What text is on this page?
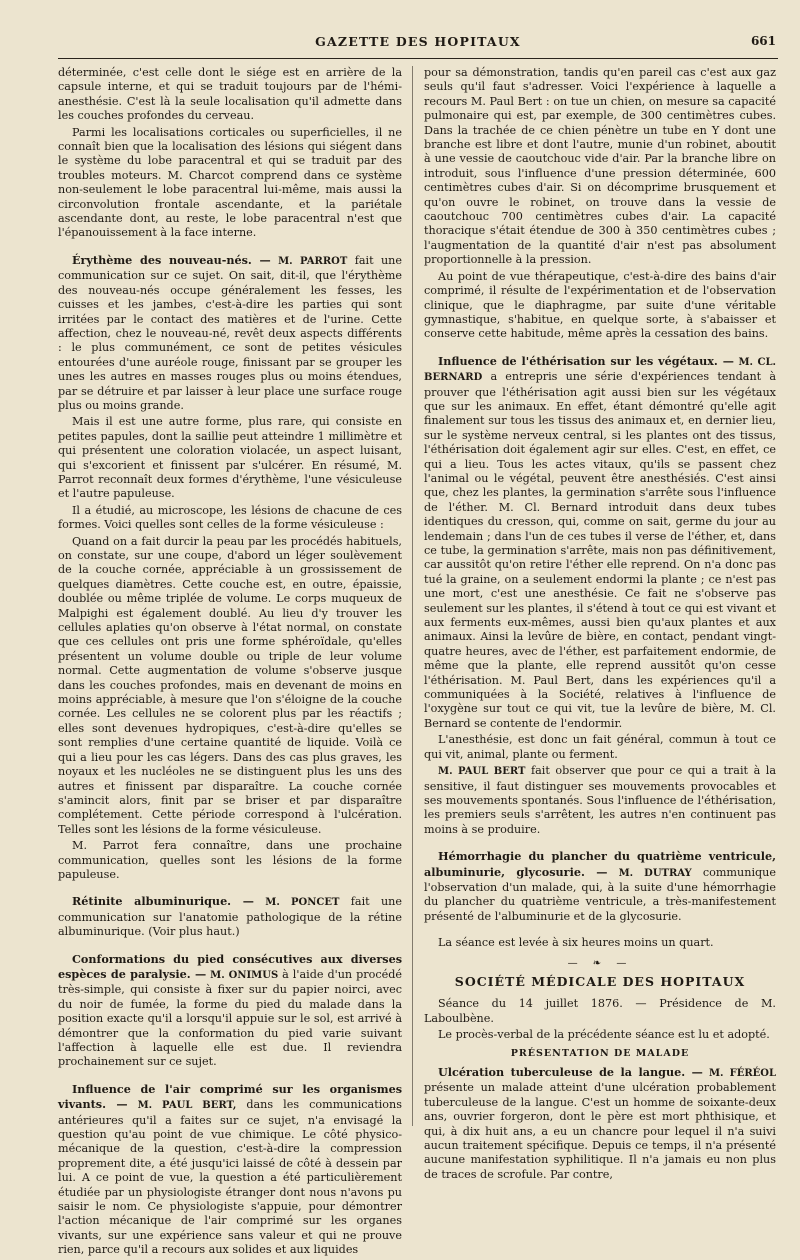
GAZETTE DES HOPITAUX	661

déterminée, c'est celle dont le siége est en arrière de la capsule interne, et qui se traduit toujours par de l'hémi-anesthésie. C'est là la seule localisation qu'il admette dans les couches profondes du cerveau.

Parmi les localisations corticales ou superficielles, il ne connaît bien que la localisation des lésions qui siégent dans le système du lobe paracentral et qui se traduit par des troubles moteurs. M. Charcot comprend dans ce système non-seulement le lobe paracentral lui-même, mais aussi la circonvolution frontale ascendante, et la pariétale ascendante dont, au reste, le lobe paracentral n'est que l'épanouissement à la face interne.

Érythème des nouveau-nés. — M. PARROT fait une communication sur ce sujet. On sait, dit-il, que l'érythème des nouveau-nés occupe généralement les fesses, les cuisses et les jambes, c'est-à-dire les parties qui sont irritées par le contact des matières et de l'urine. Cette affection, chez le nouveau-né, revêt deux aspects différents : le plus communément, ce sont de petites vésicules entourées d'une auréole rouge, finissant par se grouper les unes les autres en masses rouges plus ou moins étendues, par se détruire et par laisser à leur place une surface rouge plus ou moins grande.

Mais il est une autre forme, plus rare, qui consiste en petites papules, dont la saillie peut atteindre 1 millimètre et qui présentent une coloration violacée, un aspect luisant, qui s'excorient et finissent par s'ulcérer. En résumé, M. Parrot reconnaît deux formes d'érythème, l'une vésiculeuse et l'autre papuleuse.

Il a étudié, au microscope, les lésions de chacune de ces formes. Voici quelles sont celles de la forme vésiculeuse :

Quand on a fait durcir la peau par les procédés habituels, on constate, sur une coupe, d'abord un léger soulèvement de la couche cornée, appréciable à un grossissement de quelques diamètres. Cette couche est, en outre, épaissie, doublée ou même triplée de volume. Le corps muqueux de Malpighi est également doublé. Au lieu d'y trouver les cellules aplaties qu'on observe à l'état normal, on constate que ces cellules ont pris une forme sphéroïdale, qu'elles présentent un volume double ou triple de leur volume normal. Cette augmentation de volume s'observe jusque dans les couches profondes, mais en devenant de moins en moins appréciable, à mesure que l'on s'éloigne de la couche cornée. Les cellules ne se colorent plus par les réactifs ; elles sont devenues hydropiques, c'est-à-dire qu'elles se sont remplies d'une certaine quantité de liquide. Voilà ce qui a lieu pour les cas légers. Dans des cas plus graves, les noyaux et les nucléoles ne se distinguent plus les uns des autres et finissent par disparaître. La couche cornée s'amincit alors, finit par se briser et par disparaître complétement. Cette période correspond à l'ulcération. Telles sont les lésions de la forme vésiculeuse.

M. Parrot fera connaître, dans une prochaine communication, quelles sont les lésions de la forme papuleuse.

Rétinite albuminurique. — M. PONCET fait une communication sur l'anatomie pathologique de la rétine albuminurique. (Voir plus haut.)

Conformations du pied consécutives aux diverses espèces de paralysie. — M. ONIMUS à l'aide d'un procédé très-simple, qui consiste à fixer sur du papier noirci, avec du noir de fumée, la forme du pied du malade dans la position exacte qu'il a lorsqu'il appuie sur le sol, est arrivé à démontrer que la conformation du pied varie suivant l'affection à laquelle elle est due. Il reviendra prochainement sur ce sujet.

Influence de l'air comprimé sur les organismes vivants. — M. PAUL BERT, dans les communications antérieures qu'il a faites sur ce sujet, n'a envisagé la question qu'au point de vue chimique. Le côté physico-mécanique de la question, c'est-à-dire la compression proprement dite, a été jusqu'ici laissé de côté à dessein par lui. A ce point de vue, la question a été particulièrement étudiée par un physiologiste étranger dont nous n'avons pu saisir le nom. Ce physiologiste s'appuie, pour démontrer l'action mécanique de l'air comprimé sur les organes vivants, sur une expérience sans valeur et qui ne prouve rien, parce qu'il a recours aux solides et aux liquides

pour sa démonstration, tandis qu'en pareil cas c'est aux gaz seuls qu'il faut s'adresser. Voici l'expérience à laquelle a recours M. Paul Bert : on tue un chien, on mesure sa capacité pulmonaire qui est, par exemple, de 300 centimètres cubes. Dans la trachée de ce chien pénètre un tube en Y dont une branche est libre et dont l'autre, munie d'un robinet, aboutit à une vessie de caoutchouc vide d'air. Par la branche libre on introduit, sous l'influence d'une pression déterminée, 600 centimètres cubes d'air. Si on décomprime brusquement et qu'on ouvre le robinet, on trouve dans la vessie de caoutchouc 700 centimètres cubes d'air. La capacité thoracique s'était étendue de 300 à 350 centimètres cubes ; l'augmentation de la quantité d'air n'est pas absolument proportionnelle à la pression.

Au point de vue thérapeutique, c'est-à-dire des bains d'air comprimé, il résulte de l'expérimentation et de l'observation clinique, que le diaphragme, par suite d'une véritable gymnastique, s'habitue, en quelque sorte, à s'abaisser et conserve cette habitude, même après la cessation des bains.

Influence de l'éthérisation sur les végétaux. — M. CL. BERNARD a entrepris une série d'expériences tendant à prouver que l'éthérisation agit aussi bien sur les végétaux que sur les animaux. En effet, étant démontré qu'elle agit finalement sur tous les tissus des animaux et, en dernier lieu, sur le système nerveux central, si les plantes ont des tissus, l'éthérisation doit également agir sur elles. C'est, en effet, ce qui a lieu. Tous les actes vitaux, qu'ils se passent chez l'animal ou le végétal, peuvent être anesthésiés. C'est ainsi que, chez les plantes, la germination s'arrête sous l'influence de l'éther. M. Cl. Bernard introduit dans deux tubes identiques du cresson, qui, comme on sait, germe du jour au lendemain ; dans l'un de ces tubes il verse de l'éther, et, dans ce tube, la germination s'arrête, mais non pas définitivement, car aussitôt qu'on retire l'éther elle reprend. On n'a donc pas tué la graine, on a seulement endormi la plante ; ce n'est pas une mort, c'est une anesthésie. Ce fait ne s'observe pas seulement sur les plantes, il s'étend à tout ce qui est vivant et aux ferments eux-mêmes, aussi bien qu'aux plantes et aux animaux. Ainsi la levûre de bière, en contact, pendant vingt-quatre heures, avec de l'éther, est parfaitement endormie, de même que la plante, elle reprend aussitôt qu'on cesse l'éthérisation. M. Paul Bert, dans les expériences qu'il a communiquées à la Société, relatives à l'influence de l'oxygène sur tout ce qui vit, tue la levûre de bière, M. Cl. Bernard se contente de l'endormir.

L'anesthésie, est donc un fait général, commun à tout ce qui vit, animal, plante ou ferment.

M. PAUL BERT fait observer que pour ce qui a trait à la sensitive, il faut distinguer ses mouvements provocables et ses mouvements spontanés. Sous l'influence de l'éthérisation, les premiers seuls s'arrêtent, les autres n'en continuent pas moins à se produire.

Hémorrhagie du plancher du quatrième ventricule, albuminurie, glycosurie. — M. DUTRAY communique l'observation d'un malade, qui, à la suite d'une hémorrhagie du plancher du quatrième ventricule, a très-manifestement présenté de l'albuminurie et de la glycosurie.

La séance est levée à six heures moins un quart.

— ❧ —
SOCIÉTÉ MÉDICALE DES HOPITAUX

Séance du 14 juillet 1876. — Présidence de M. Laboulbène.

Le procès-verbal de la précédente séance est lu et adopté.

PRÉSENTATION DE MALADE

Ulcération tuberculeuse de la langue. — M. FÉRÉOL présente un malade atteint d'une ulcération probablement tuberculeuse de la langue. C'est un homme de soixante-deux ans, ouvrier forgeron, dont le père est mort phthisique, et qui, à dix huit ans, a eu un chancre pour lequel il n'a suivi aucun traitement spécifique. Depuis ce temps, il n'a présenté aucune manifestation syphilitique. Il n'a jamais eu non plus de traces de scrofule. Par contre,
